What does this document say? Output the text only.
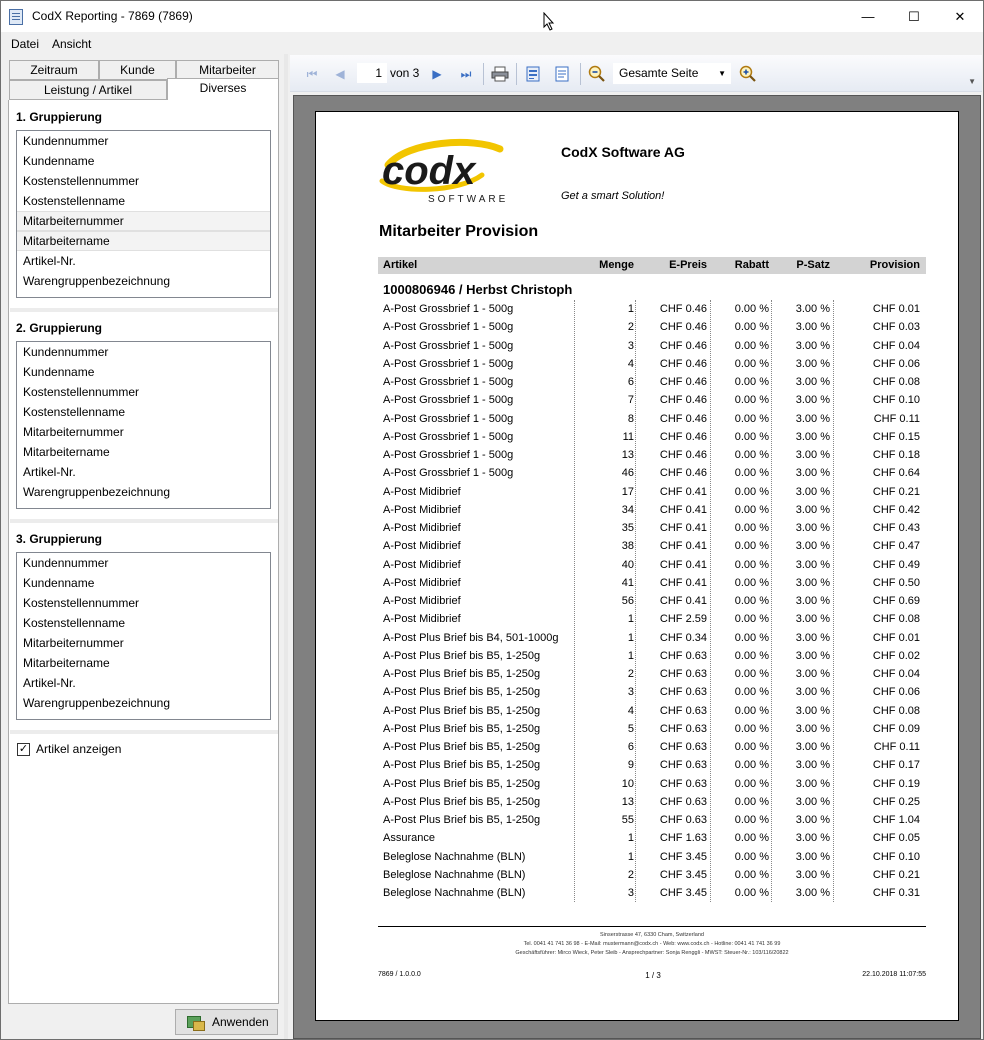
CodX Reporting - 7869 (7869)	—	☐	✕
Datei Ansicht
Zeitraum	Kunde	Mitarbeiter
Leistung / Artikel	Diverses
1. Gruppierung
Kundennummer
Kundenname
Kostenstellennummer
Kostenstellenname
Mitarbeiternummer
Mitarbeitername
Artikel-Nr.
Warengruppenbezeichnung
2. Gruppierung
Kundennummer
Kundenname
Kostenstellennummer
Kostenstellenname
Mitarbeiternummer
Mitarbeitername
Artikel-Nr.
Warengruppenbezeichnung
3. Gruppierung
Kundennummer
Kundenname
Kostenstellennummer
Kostenstellenname
Mitarbeiternummer
Mitarbeitername
Artikel-Nr.
Warengruppenbezeichnung
✓ Artikel anzeigen
Anwenden
⏮	◀	1 von 3	▶	⏭	Gesamte Seite ▼
▼
codx
SOFTWARE
CodX Software AG
Get a smart Solution!
Mitarbeiter Provision
Artikel	Menge	E-Preis	Rabatt P-Satz	Provision
1000806946 / Herbst Christoph
A-Post Grossbrief 1 - 500g	1 CHF 0.46	0.00 % 3.00 %	CHF 0.01
A-Post Grossbrief 1 - 500g	2 CHF 0.46	0.00 % 3.00 %	CHF 0.03
A-Post Grossbrief 1 - 500g	3 CHF 0.46	0.00 % 3.00 %	CHF 0.04
A-Post Grossbrief 1 - 500g	4 CHF 0.46	0.00 % 3.00 %	CHF 0.06
A-Post Grossbrief 1 - 500g	6 CHF 0.46	0.00 % 3.00 %	CHF 0.08
A-Post Grossbrief 1 - 500g	7 CHF 0.46	0.00 % 3.00 %	CHF 0.10
A-Post Grossbrief 1 - 500g	8 CHF 0.46	0.00 % 3.00 %	CHF 0.11
A-Post Grossbrief 1 - 500g	11 CHF 0.46	0.00 % 3.00 %	CHF 0.15
A-Post Grossbrief 1 - 500g	13 CHF 0.46	0.00 % 3.00 %	CHF 0.18
A-Post Grossbrief 1 - 500g	46 CHF 0.46	0.00 % 3.00 %	CHF 0.64
A-Post Midibrief	17 CHF 0.41	0.00 % 3.00 %	CHF 0.21
A-Post Midibrief	34 CHF 0.41	0.00 % 3.00 %	CHF 0.42
A-Post Midibrief	35 CHF 0.41	0.00 % 3.00 %	CHF 0.43
A-Post Midibrief	38 CHF 0.41	0.00 % 3.00 %	CHF 0.47
A-Post Midibrief	40 CHF 0.41	0.00 % 3.00 %	CHF 0.49
A-Post Midibrief	41 CHF 0.41	0.00 % 3.00 %	CHF 0.50
A-Post Midibrief	56 CHF 0.41	0.00 % 3.00 %	CHF 0.69
A-Post Midibrief	1 CHF 2.59	0.00 % 3.00 %	CHF 0.08
A-Post Plus Brief bis B4, 501-1000g	1 CHF 0.34	0.00 % 3.00 %	CHF 0.01
A-Post Plus Brief bis B5, 1-250g	1 CHF 0.63	0.00 % 3.00 %	CHF 0.02
A-Post Plus Brief bis B5, 1-250g	2 CHF 0.63	0.00 % 3.00 %	CHF 0.04
A-Post Plus Brief bis B5, 1-250g	3 CHF 0.63	0.00 % 3.00 %	CHF 0.06
A-Post Plus Brief bis B5, 1-250g	4 CHF 0.63	0.00 % 3.00 %	CHF 0.08
A-Post Plus Brief bis B5, 1-250g	5 CHF 0.63	0.00 % 3.00 %	CHF 0.09
A-Post Plus Brief bis B5, 1-250g	6 CHF 0.63	0.00 % 3.00 %	CHF 0.11
A-Post Plus Brief bis B5, 1-250g	9 CHF 0.63	0.00 % 3.00 %	CHF 0.17
A-Post Plus Brief bis B5, 1-250g	10 CHF 0.63	0.00 % 3.00 %	CHF 0.19
A-Post Plus Brief bis B5, 1-250g	13 CHF 0.63	0.00 % 3.00 %	CHF 0.25
A-Post Plus Brief bis B5, 1-250g	55 CHF 0.63	0.00 % 3.00 %	CHF 1.04
Assurance	1 CHF 1.63	0.00 % 3.00 %	CHF 0.05
Beleglose Nachnahme (BLN)	1 CHF 3.45	0.00 % 3.00 %	CHF 0.10
Beleglose Nachnahme (BLN)	2 CHF 3.45	0.00 % 3.00 %	CHF 0.21
Beleglose Nachnahme (BLN)	3 CHF 3.45	0.00 % 3.00 %	CHF 0.31
Sinserstrasse 47, 6330 Cham, Switzerland
Tel. 0041 41 741 36 98 - E-Mail: mustermann@codx.ch - Web: www.codx.ch - Hotline: 0041 41 741 36 99
Geschäftsführer: Mirco Wieck, Peter Sleib - Ansprechpartner: Sonja Renggli - MWST: Steuer-Nr.: 103/116/20822
7869 / 1.0.0.0	1 / 3	22.10.2018 11:07:55
